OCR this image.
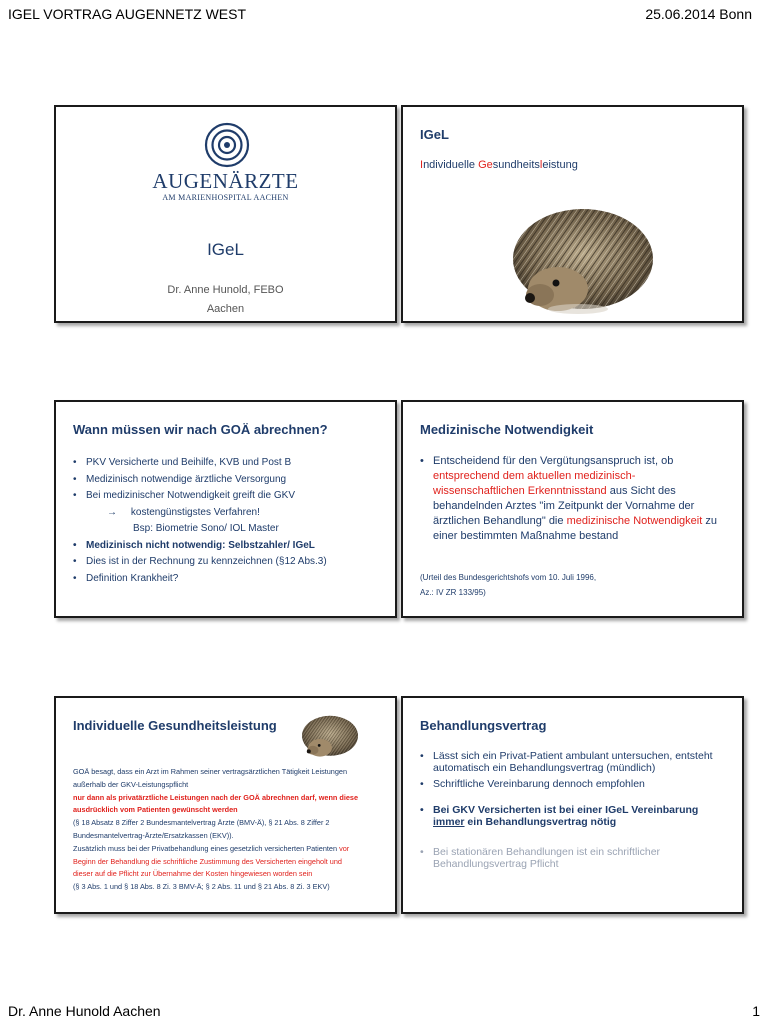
IGEL VORTRAG AUGENNETZ WEST	25.06.2014 Bonn
AUGENÄRZTE
AM MARIENHOSPITAL AACHEN
IGeL
Dr. Anne Hunold, FEBO
Aachen
IGeL
Individuelle Gesundheitsleistung
Wann müssen wir nach GOÄ abrechnen?
• PKV Versicherte und Beihilfe, KVB und Post B
• Medizinisch notwendige ärztliche Versorgung
• Bei medizinischer Notwendigkeit greift die GKV
→ kostengünstigstes Verfahren!
Bsp: Biometrie Sono/ IOL Master
• Medizinisch nicht notwendig: Selbstzahler/ IGeL
• Dies ist in der Rechnung zu kennzeichnen (§12 Abs.3)
• Definition Krankheit?
Medizinische Notwendigkeit
• Entscheidend für den Vergütungsanspruch ist, ob entsprechend dem aktuellen medizinisch-wissenschaftlichen Erkenntnisstand aus Sicht des behandelnden Arztes "im Zeitpunkt der Vornahme der ärztlichen Behandlung" die medizinische Notwendigkeit zu einer bestimmten Maßnahme bestand
(Urteil des Bundesgerichtshofs vom 10. Juli 1996,
Az.: IV ZR 133/95)
Individuelle Gesundheitsleistung
GOÄ besagt, dass ein Arzt im Rahmen seiner vertragsärztlichen Tätigkeit Leistungen außerhalb der GKV-Leistungspflicht
nur dann als privatärztliche Leistungen nach der GOÄ abrechnen darf, wenn diese ausdrücklich vom Patienten gewünscht werden
(§ 18 Absatz 8 Ziffer 2 Bundesmantelvertrag Ärzte (BMV-Ä), § 21 Abs. 8 Ziffer 2 Bundesmantelvertrag-Ärzte/Ersatzkassen (EKV)).
Zusätzlich muss bei der Privatbehandlung eines gesetzlich versicherten Patienten vor Beginn der Behandlung die schriftliche Zustimmung des Versicherten eingeholt und dieser auf die Pflicht zur Übernahme der Kosten hingewiesen worden sein
(§ 3 Abs. 1 und § 18 Abs. 8 Zi. 3 BMV-Ä; § 2 Abs. 11 und § 21 Abs. 8 Zi. 3 EKV)
Behandlungsvertrag
• Lässt sich ein Privat-Patient ambulant untersuchen, entsteht automatisch ein Behandlungsvertrag (mündlich)
• Schriftliche Vereinbarung dennoch empfohlen
• Bei GKV Versicherten ist bei einer IGeL Vereinbarung immer ein Behandlungsvertrag nötig
• Bei stationären Behandlungen ist ein schriftlicher Behandlungsvertrag Pflicht
Dr. Anne Hunold Aachen	1
